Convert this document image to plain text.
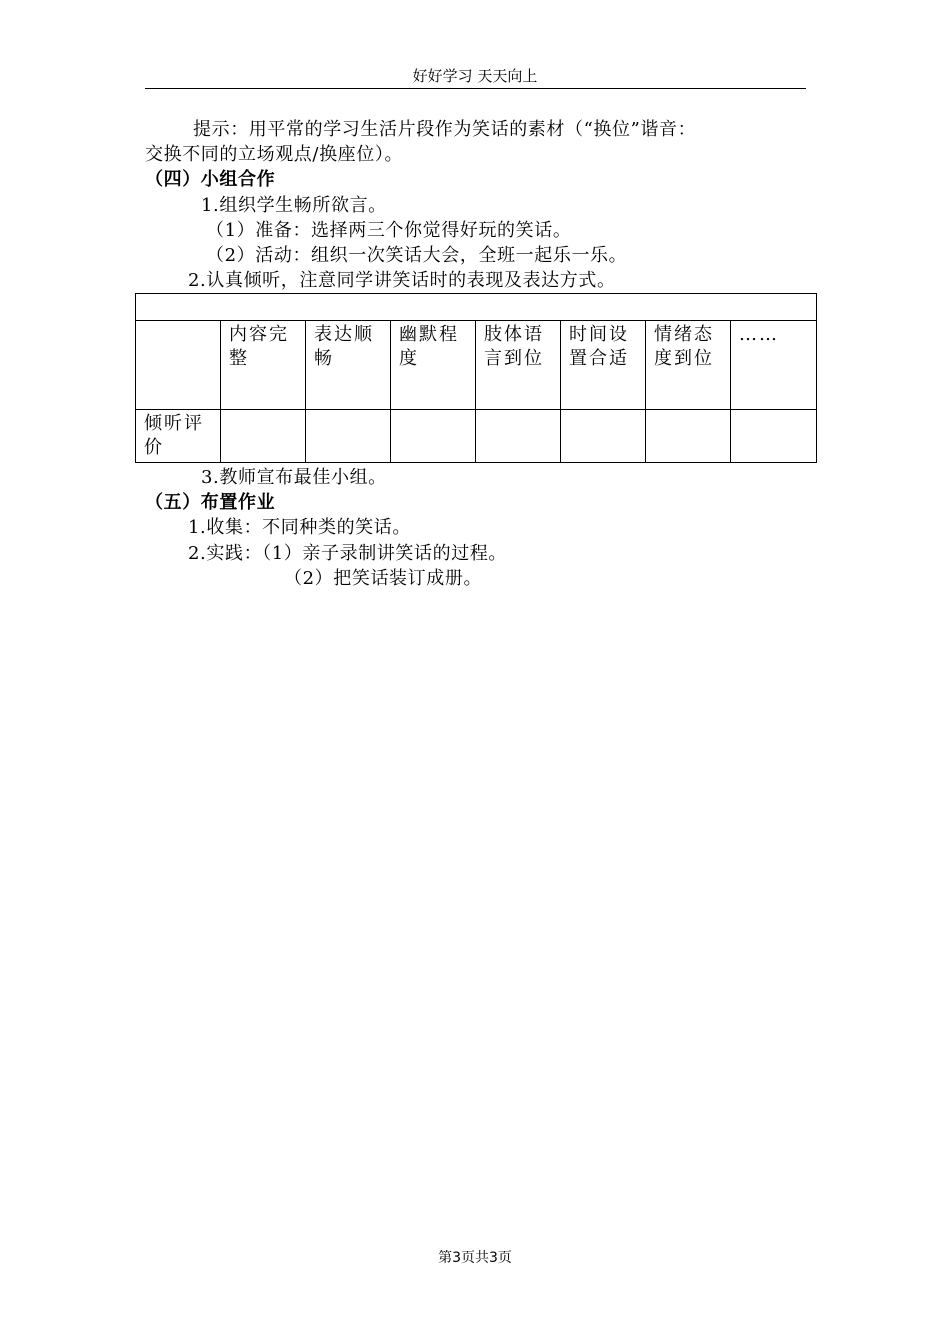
好好学习 天天向上
提示：用平常的学习生活片段作为笑话的素材（“换位”谐音：
交换不同的立场观点/换座位）。
（四）小组合作
1.组织学生畅所欲言。
（1）准备：选择两三个你觉得好玩的笑话。
（2）活动：组织一次笑话大会，全班一起乐一乐。
2.认真倾听，注意同学讲笑话时的表现及表达方式。

	内容完整	表达顺畅	幽默程度	肢体语言到位	时间设置合适	情绪态度到位	……
倾听评价							
3.教师宣布最佳小组。
（五）布置作业
1.收集：不同种类的笑话。
2.实践：（1）亲子录制讲笑话的过程。
（2）把笑话装订成册。
第3页共3页
